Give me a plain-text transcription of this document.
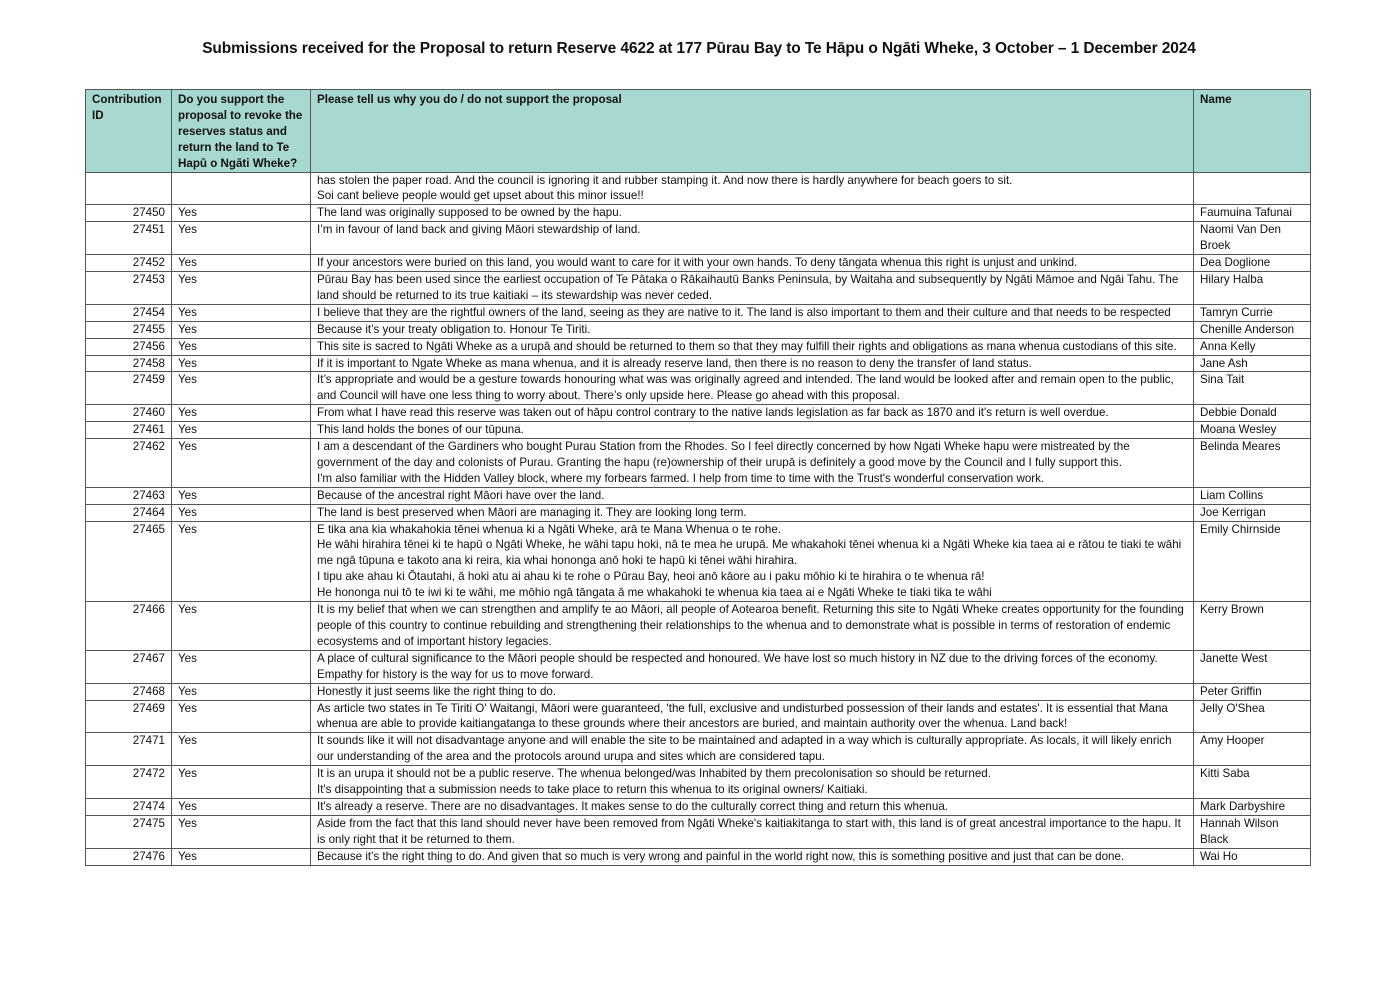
Submissions received for the Proposal to return Reserve 4622 at 177 Pūrau Bay to Te Hāpu o Ngāti Wheke, 3 October – 1 December 2024
Contribution ID	Do you support the proposal to revoke the reserves status and return the land to Te Hapū o Ngāti Wheke?	Please tell us why you do / do not support the proposal	Name

		has stolen the paper road. And the council is ignoring it and rubber stamping it. And now there is hardly anywhere for beach goers to sit.
Soi cant believe people would get upset about this minor issue!!	

27450	Yes	The land was originally supposed to be owned by the hapu.	Faumuina Tafunai
27451	Yes	I’m in favour of land back and giving Māori stewardship of land.	Naomi Van Den Broek
27452	Yes	If your ancestors were buried on this land, you would want to care for it with your own hands. To deny tāngata whenua this right is unjust and unkind.	Dea Doglione
27453	Yes	Pūrau Bay has been used since the earliest occupation of Te Pātaka o Rākaihautū Banks Peninsula, by Waitaha and subsequently by Ngāti Māmoe and Ngāi Tahu. The land should be returned to its true kaitiaki – its stewardship was never ceded.	Hilary Halba
27454	Yes	I believe that they are the rightful owners of the land, seeing as they are native to it. The land is also important to them and their culture and that needs to be respected	Tamryn Currie
27455	Yes	Because it’s your treaty obligation to. Honour Te Tiriti.	Chenille Anderson
27456	Yes	This site is sacred to Ngāti Wheke as a urupā and should be returned to them so that they may fulfill their rights and obligations as mana whenua custodians of this site.	Anna Kelly
27458	Yes	If it is important to Ngate Wheke as mana whenua, and it is already reserve land, then there is no reason to deny the transfer of land status.	Jane Ash
27459	Yes	It’s appropriate and would be a gesture towards honouring what was was originally agreed and intended. The land would be looked after and remain open to the public, and Council will have one less thing to worry about. There’s only upside here. Please go ahead with this proposal.	Sina Tait
27460	Yes	From what I have read this reserve was taken out of hāpu control contrary to the native lands legislation as far back as 1870 and it's return is well overdue.	Debbie Donald
27461	Yes	This land holds the bones of our tūpuna.	Moana Wesley
27462	Yes	I am a descendant of the Gardiners who bought Purau Station from the Rhodes. So I feel directly concerned by how Ngati Wheke hapu were mistreated by the government of the day and colonists of Purau. Granting the hapu (re)ownership of their urupā is definitely a good move by the Council and I fully support this.
I'm also familiar with the Hidden Valley block, where my forbears farmed. I help from time to time with the Trust's wonderful conservation work.	Belinda Meares
27463	Yes	Because of the ancestral right Māori have over the land.	Liam Collins
27464	Yes	The land is best preserved when Māori are managing it. They are looking long term.	Joe Kerrigan
27465	Yes	E tika ana kia whakahokia tēnei whenua ki a Ngāti Wheke, arā te Mana Whenua o te rohe.
He wāhi hirahira tēnei ki te hapū o Ngāti Wheke, he wāhi tapu hoki, nā te mea he urupā. Me whakahoki tēnei whenua ki a Ngāti Wheke kia taea ai e rātou te tiaki te wāhi me ngā tūpuna e takoto ana ki reira, kia whai hononga anō hoki te hapū ki tēnei wāhi hirahira.
I tipu ake ahau ki Ōtautahi, ā hoki atu ai ahau ki te rohe o Pūrau Bay, heoi anō kāore au i paku mōhio ki te hirahira o te whenua rā!
He hononga nui tō te iwi ki te wāhi, me mōhio ngā tāngata ā me whakahoki te whenua kia taea ai e Ngāti Wheke te tiaki tika te wāhi	Emily Chirnside
27466	Yes	It is my belief that when we can strengthen and amplify te ao Māori, all people of Aotearoa benefit. Returning this site to Ngāti Wheke creates opportunity for the founding people of this country to continue rebuilding and strengthening their relationships to the whenua and to demonstrate what is possible in terms of restoration of endemic ecosystems and of important history legacies.	Kerry Brown
27467	Yes	A place of cultural significance to the Māori people should be respected and honoured. We have lost so much history in NZ due to the driving forces of the economy. Empathy for history is the way for us to move forward.	Janette West
27468	Yes	Honestly it just seems like the right thing to do.	Peter Griffin
27469	Yes	As article two states in Te Tiriti O' Waitangi, Māori were guaranteed, 'the full, exclusive and undisturbed possession of their lands and estates'. It is essential that Mana whenua are able to provide kaitiangatanga to these grounds where their ancestors are buried, and maintain authority over the whenua. Land back!	Jelly O'Shea
27471	Yes	It sounds like it will not disadvantage anyone and will enable the site to be maintained and adapted in a way which is culturally appropriate. As locals, it will likely enrich our understanding of the area and the protocols around urupa and sites which are considered tapu.	Amy Hooper
27472	Yes	It is an urupa it should not be a public reserve. The whenua belonged/was Inhabited by them precolonisation so should be returned.
It's disappointing that a submission needs to take place to return this whenua to its original owners/ Kaitiaki.	Kitti Saba
27474	Yes	It's already a reserve. There are no disadvantages. It makes sense to do the culturally correct thing and return this whenua.	Mark Darbyshire
27475	Yes	Aside from the fact that this land should never have been removed from Ngāti Wheke's kaitiakitanga to start with, this land is of great ancestral importance to the hapu. It is only right that it be returned to them.	Hannah Wilson Black
27476	Yes	Because it's the right thing to do. And given that so much is very wrong and painful in the world right now, this is something positive and just that can be done.	Wai Ho
